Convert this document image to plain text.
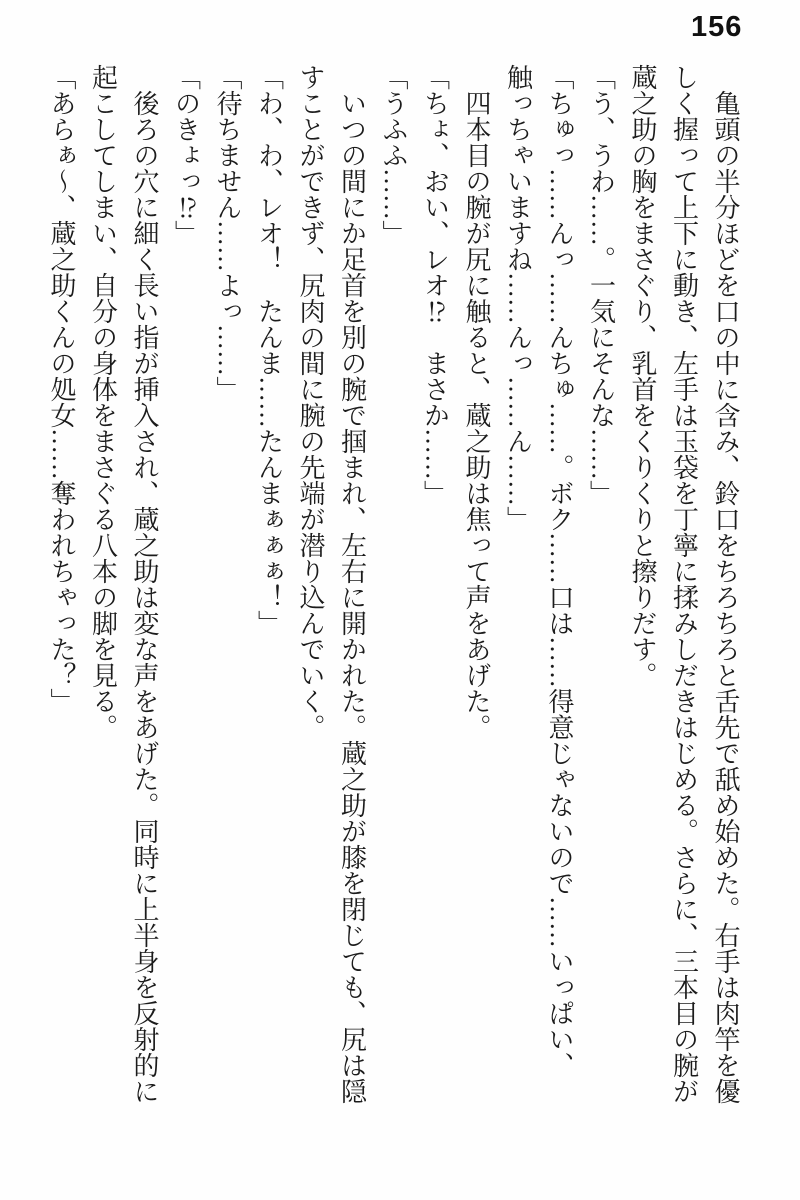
156
　亀頭の半分ほどを口の中に含み、鈴口をちろちろと舌先で舐め始めた。右手は肉竿を優
しく握って上下に動き、左手は玉袋を丁寧に揉みしだきはじめる。さらに、三本目の腕が
蔵之助の胸をまさぐり、乳首をくりくりと擦りだす。
「う、うわ……。一気にそんな……」
「ちゅっ……んっ……んちゅ……。ボク……口は……得意じゃないので……いっぱい、
触っちゃいますね……んっ……ん……」
　四本目の腕が尻に触ると、蔵之助は焦って声をあげた。
「ちょ、おい、レオ⁉　まさか……」
「うふふ……」
　いつの間にか足首を別の腕で掴まれ、左右に開かれた。蔵之助が膝を閉じても、尻は隠
すことができず、尻肉の間に腕の先端が潜り込んでいく。
「わ、わ、レオ！　たんま……たんまぁぁぁ！」
「待ちません……よっ……」
「のきょっ⁉」
　後ろの穴に細く長い指が挿入され、蔵之助は変な声をあげた。同時に上半身を反射的に
起こしてしまい、自分の身体をまさぐる八本の脚を見る。
「あらぁ～、蔵之助くんの処女……奪われちゃった？」
